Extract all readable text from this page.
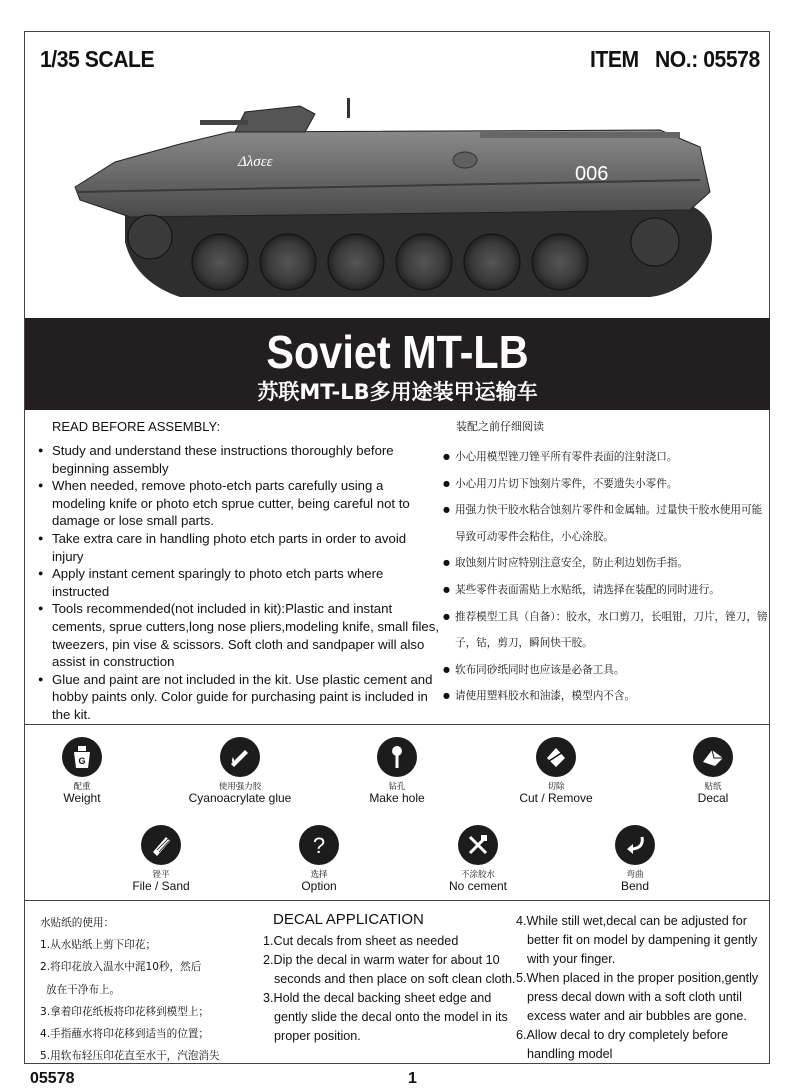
1/35 SCALE	ITEM   NO.: 05578
006
Δλσεε
Soviet MT-LB
苏联MT-LB多用途装甲运输车
READ BEFORE ASSEMBLY:
● Study and understand these instructions thoroughly before beginning assembly
● When needed, remove photo-etch parts carefully using a modeling knife or photo etch sprue cutter, being careful not to damage or lose small parts.
● Take extra care in handling photo etch parts in order to avoid injury
● Apply instant cement sparingly to photo etch parts where instructed
● Tools recommended(not included in kit):Plastic and instant cements, sprue cutters,long nose pliers,modeling knife, small files, tweezers, pin vise & scissors. Soft cloth and sandpaper will also assist in construction
● Glue and paint are not included in the kit. Use plastic cement and hobby paints only. Color guide for purchasing paint is included in the kit.
装配之前仔细阅读
● 小心用模型锉刀锉平所有零件表面的注射浇口。
● 小心用刀片切下蚀刻片零件，不要遗失小零件。
● 用强力快干胶水粘合蚀刻片零件和金属轴。过量快干胶水使用可能导致可动零件会粘住，小心涂胶。
● 取蚀刻片时应特别注意安全，防止利边划伤手指。
● 某些零件表面需贴上水贴纸，请选择在装配的同时进行。
● 推荐模型工具（自备）：胶水，水口剪刀，长咀钳，刀片，锉刀，镑子，钻，剪刀，瞬间快干胶。
● 软布同砂纸同时也应该是必备工具。
● 请使用塑料胶水和油漆，模型内不含。
G
配重
Weight
使用强力胶
Cyanoacrylate glue
钻孔
Make hole
切除
Cut / Remove
贴纸
Decal
锉平
File / Sand
?
选择
Option
不涂胶水
No cement
弯曲
Bend
水贴纸的使用：
1.从水贴纸上剪下印花；
2.将印花放入温水中浘10秒，然后
放在干净布上。
3.拿着印花纸板将印花移到模型上；
4.手指蘸水将印花移到适当的位置；
5.用软布轻压印花直至水干，汽泡消失
DECAL APPLICATION
1.Cut decals from sheet as needed
2.Dip the decal in warm water for about 10
seconds and then place on soft clean cloth.
3.Hold the decal backing sheet edge and
gently slide the decal onto the model in its
proper position.
4.While still wet,decal can be adjusted for
better fit on model by dampening it gently
with your finger.
5.When placed in the proper position,gently
press decal down with a soft cloth until
excess water and air bubbles are gone.
6.Allow decal to dry completely before
handling model
05578	1
